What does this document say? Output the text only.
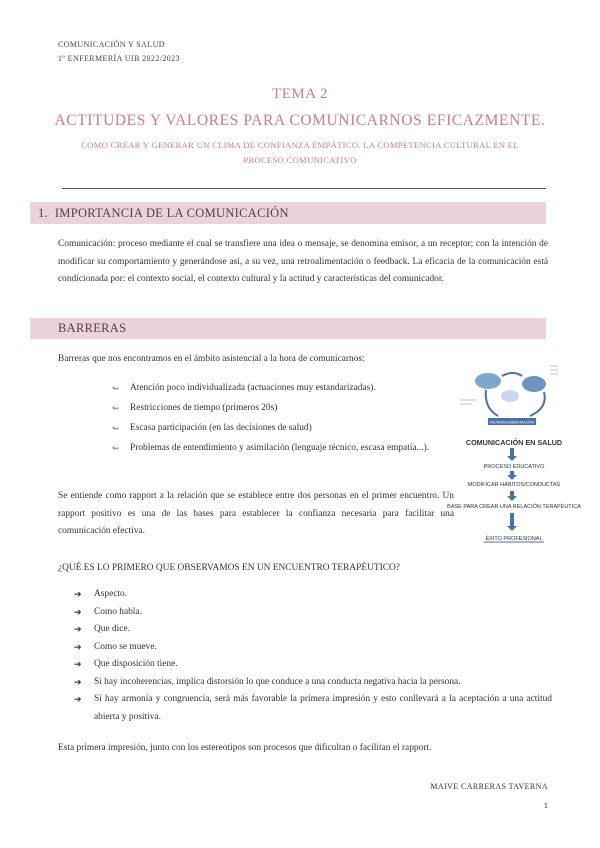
COMUNICACIÓN Y SALUD
1º ENFERMERÍA UIB 2022/2023
TEMA 2
ACTITUDES Y VALORES PARA COMUNICARNOS EFICAZMENTE.
COMO CREAR Y GENERAR UN CLIMA DE CONFIANZA EMPÁTICO. LA COMPETENCIA CULTURAL EN EL PROCESO COMUNICATIVO
1. IMPORTANCIA DE LA COMUNICACIÓN
Comunicación: proceso mediante el cual se transfiere una idea o mensaje, se denomina emisor, a un receptor; con la intención de modificar su comportamiento y generándose así, a su vez, una retroalimentación o feedback. La eficacia de la comunicación está condicionada por: el contexto social, el contexto cultural y la actitud y características del comunicador.
BARRERAS
Barreras que nos encontramos en el ámbito asistencial a la hora de comunicarnos:
↬ Atención poco individualizada (actuaciones muy estandarizadas).
↬ Restricciones de tiempo (primeros 20s)
↬ Escasa participación (en las decisiones de salud)
↬ Problemas de entendimiento y asimilación (lenguaje técnico, escasa empatía...).
RETROALIMENTACIÓN
COMUNICACIÓN EN SALUD
PROCESO EDUCATIVO
MODIFICAR HÁBITOS/CONDUCTAS
BASE PARA CREAR UNA RELACIÓN TERAPÉUTICA
ÉXITO PROFESIONAL
Se entiende como rapport a la relación que se establece entre dos personas en el primer encuentro. Un rapport positivo es una de las bases para establecer la confianza necesaria para facilitar una comunicación efectiva.
¿QUÉ ES LO PRIMERO QUE OBSERVAMOS EN UN ENCUENTRO TERAPÉUTICO?
➔ Aspecto.
➔ Como habla.
➔ Que dice.
➔ Como se mueve.
➔ Que disposición tiene.
➔ Si hay incoherencias, implica distorsión lo que conduce a una conducta negativa hacia la persona.
➔ Si hay armonía y congruencia, será más favorable la primera impresión y esto conllevará a la aceptación a una actitud abierta y positiva.
Esta primera impresión, junto con los estereotipos son procesos que dificultan o facilitan el rapport.
MAIVE CARRERAS TAVERNA
1
